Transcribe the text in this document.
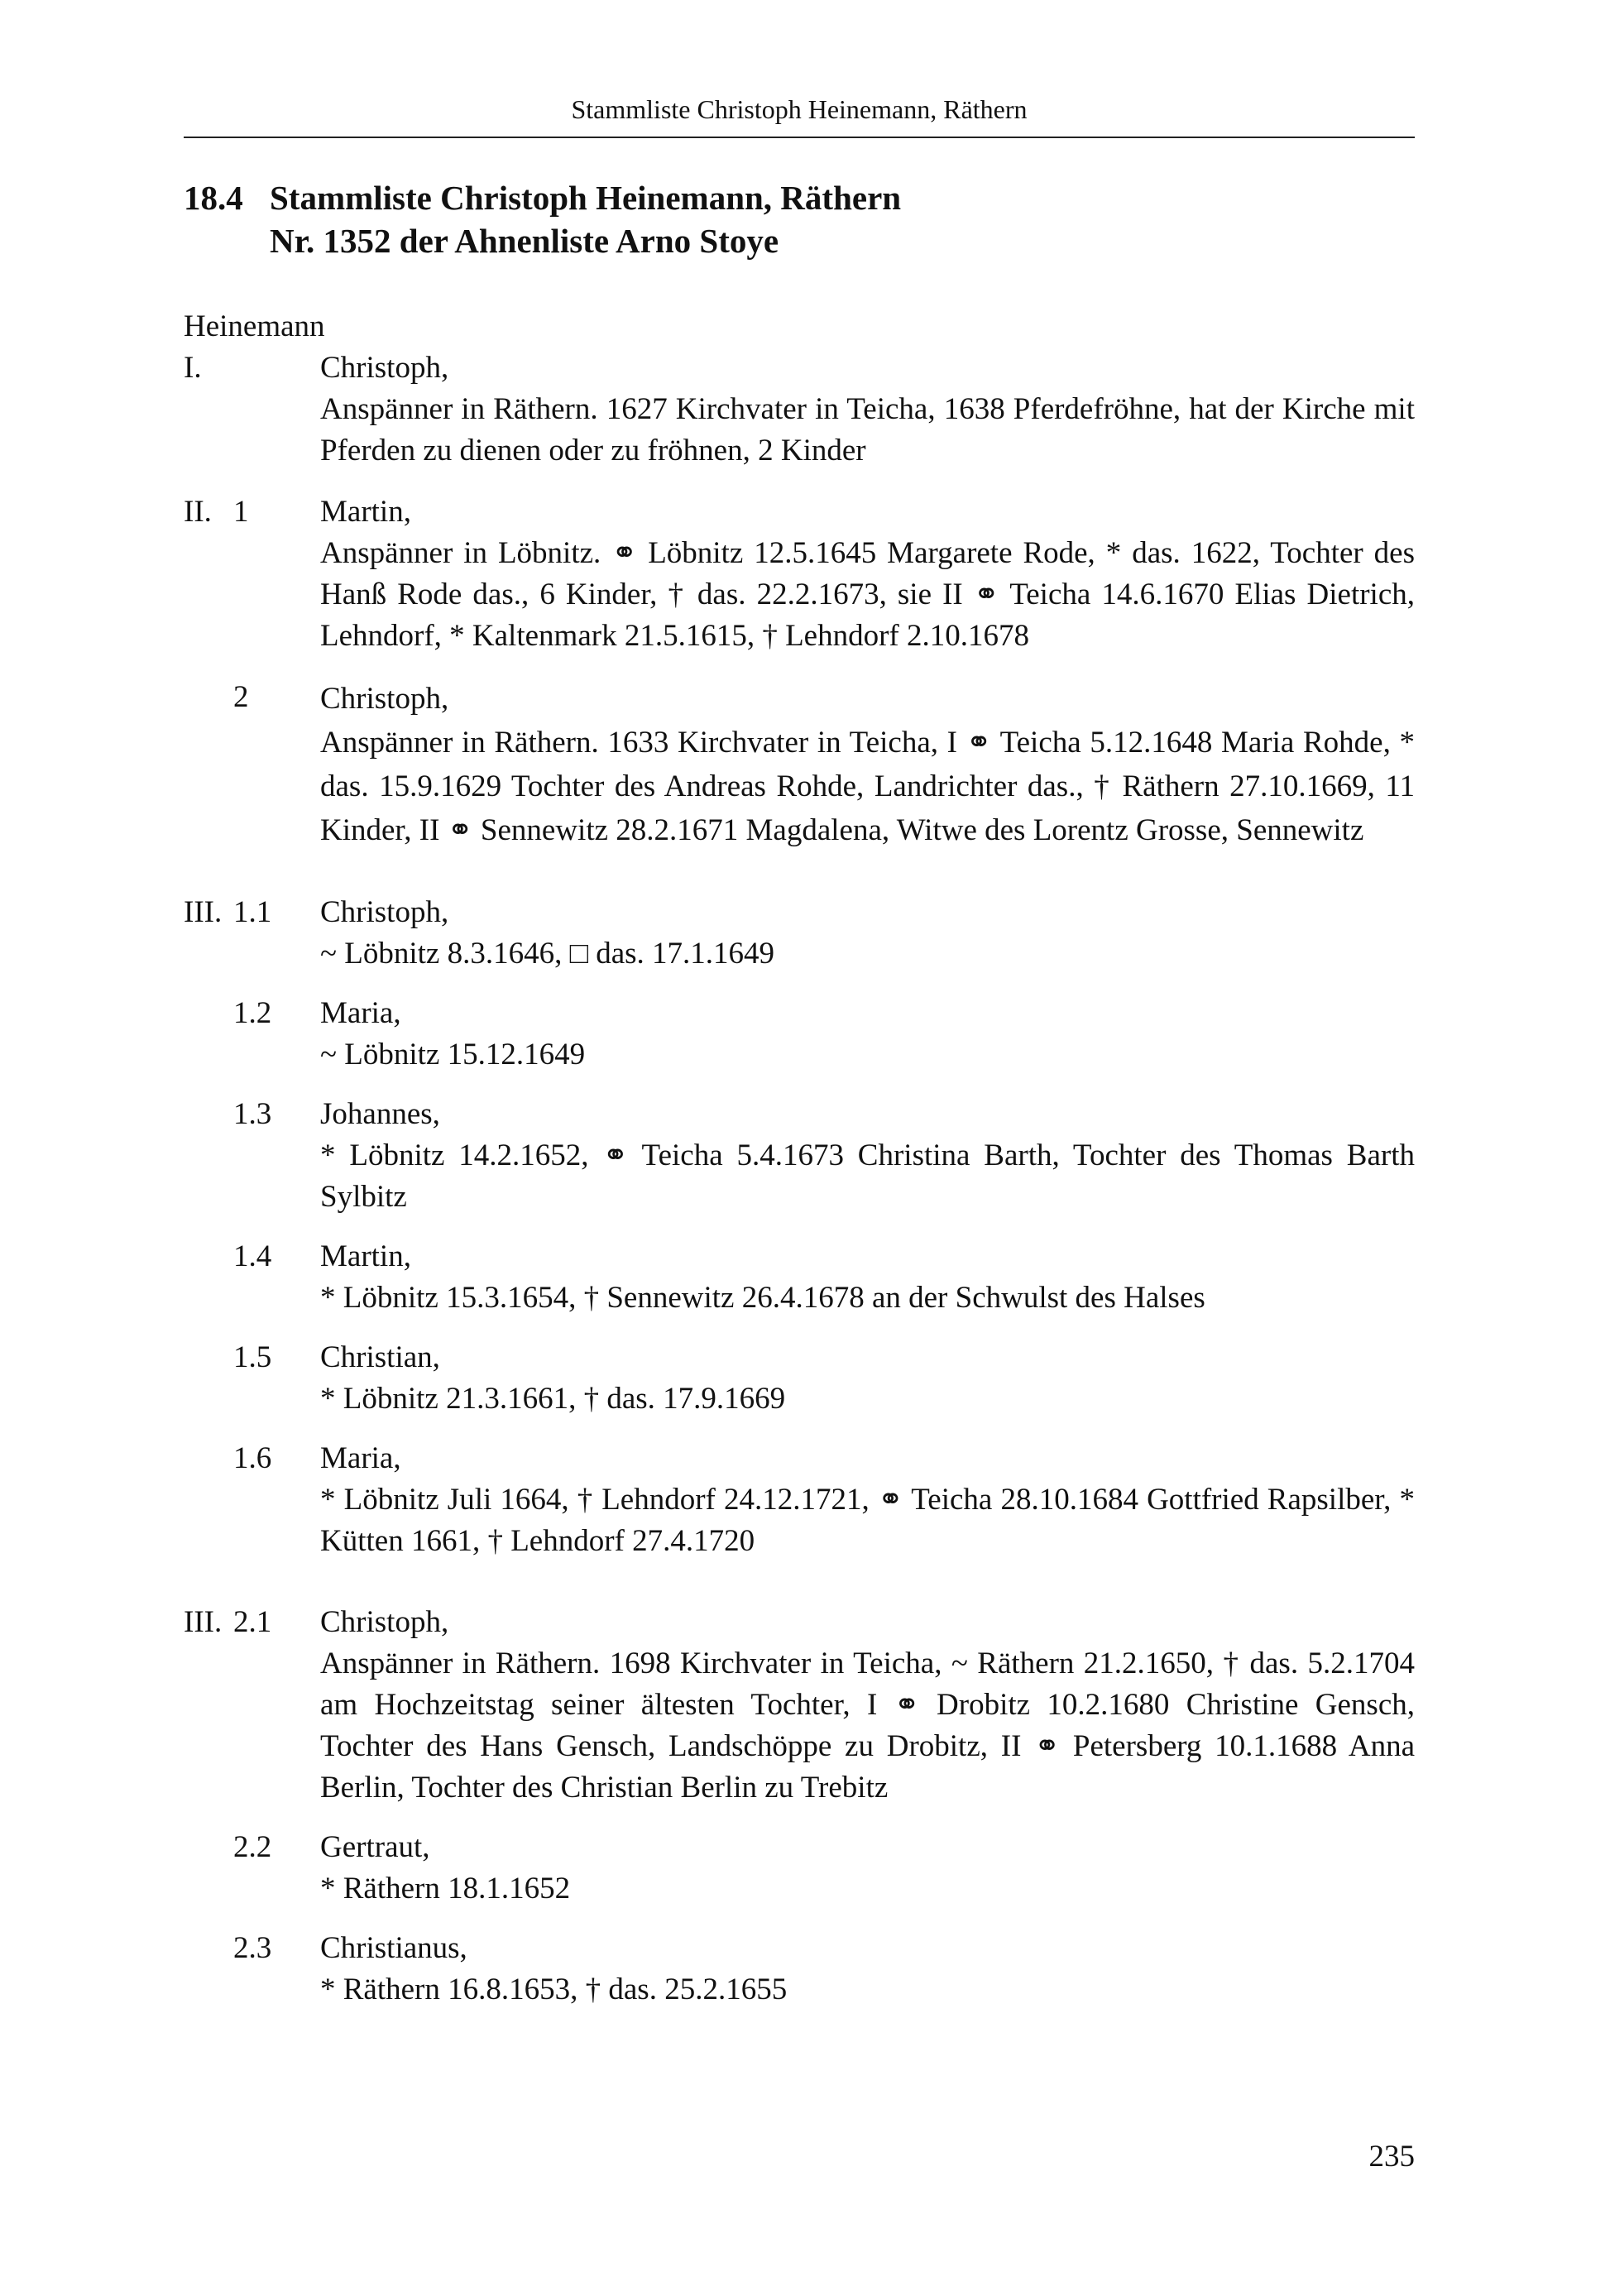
Stammliste Christoph Heinemann, Räthern
18.4 Stammliste Christoph Heinemann, Räthern
Nr. 1352 der Ahnenliste Arno Stoye
Heinemann
I.	Christoph,
Anspänner in Räthern. 1627 Kirchvater in Teicha, 1638 Pferdefröhne, hat der Kirche mit Pferden zu dienen oder zu fröhnen, 2 Kinder
II. 1 Martin,
Anspänner in Löbnitz. ⚭ Löbnitz 12.5.1645 Margarete Rode, * das. 1622, Tochter des Hanß Rode das., 6 Kinder, † das. 22.2.1673, sie II ⚭ Teicha 14.6.1670 Elias Dietrich, Lehndorf, * Kaltenmark 21.5.1615, † Lehndorf 2.10.1678
2 Christoph,
Anspänner in Räthern. 1633 Kirchvater in Teicha, I ⚭ Teicha 5.12.1648 Maria Rohde, * das. 15.9.1629 Tochter des Andreas Rohde, Landrichter das., † Räthern 27.10.1669, 11 Kinder, II ⚭ Sennewitz 28.2.1671 Magdalena, Witwe des Lorentz Grosse, Sennewitz
III. 1.1 Christoph,
~ Löbnitz 8.3.1646, □ das. 17.1.1649
1.2 Maria,
~ Löbnitz 15.12.1649
1.3 Johannes,
* Löbnitz 14.2.1652, ⚭ Teicha 5.4.1673 Christina Barth, Tochter des Thomas Barth Sylbitz
1.4 Martin,
* Löbnitz 15.3.1654, † Sennewitz 26.4.1678 an der Schwulst des Halses
1.5 Christian,
* Löbnitz 21.3.1661, † das. 17.9.1669
1.6 Maria,
* Löbnitz Juli 1664, † Lehndorf 24.12.1721, ⚭ Teicha 28.10.1684 Gottfried Rapsilber, * Kütten 1661, † Lehndorf 27.4.1720
III. 2.1 Christoph,
Anspänner in Räthern. 1698 Kirchvater in Teicha, ~ Räthern 21.2.1650, † das. 5.2.1704 am Hochzeitstag seiner ältesten Tochter, I ⚭ Drobitz 10.2.1680 Christine Gensch, Tochter des Hans Gensch, Landschöppe zu Drobitz, II ⚭ Petersberg 10.1.1688 Anna Berlin, Tochter des Christian Berlin zu Trebitz
2.2 Gertraut,
* Räthern 18.1.1652
2.3 Christianus,
* Räthern 16.8.1653, † das. 25.2.1655
235
